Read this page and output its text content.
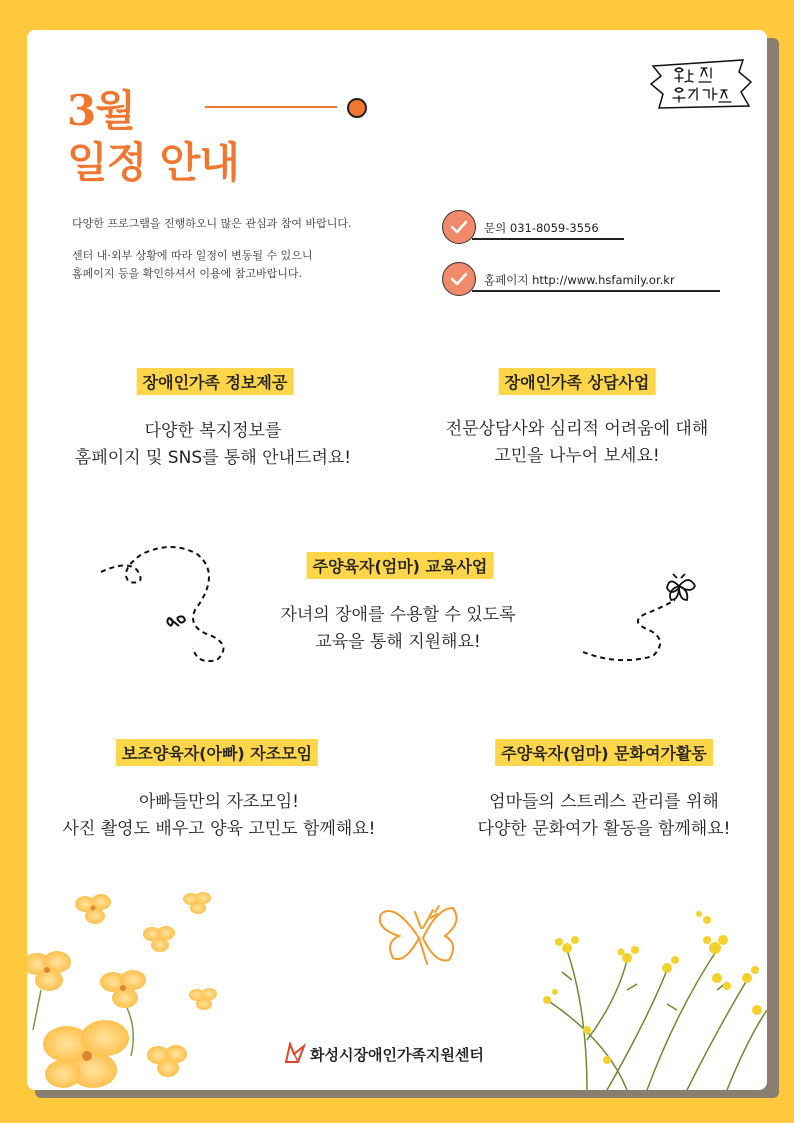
3월
일정 안내
다양한 프로그램을 진행하오니 많은 관심과 참여 바랍니다.
센터 내·외부 상황에 따라 일정이 변동될 수 있으니
홈페이지 등을 확인하셔서 이용에 참고바랍니다.
문의 031-8059-3556
홈페이지 http://www.hsfamily.or.kr
장애인가족 정보제공
다양한 복지정보를
홈페이지 및 SNS를 통해 안내드려요!
장애인가족 상담사업
전문상담사와 심리적 어려움에 대해
고민을 나누어 보세요!
주양육자(엄마) 교육사업
자녀의 장애를 수용할 수 있도록
교육을 통해 지원해요!
보조양육자(아빠) 자조모임
아빠들만의 자조모임!
사진 촬영도 배우고 양육 고민도 함께해요!
주양육자(엄마) 문화여가활동
엄마들의 스트레스 관리를 위해
다양한 문화여가 활동을 함께해요!
화성시장애인가족지원센터
